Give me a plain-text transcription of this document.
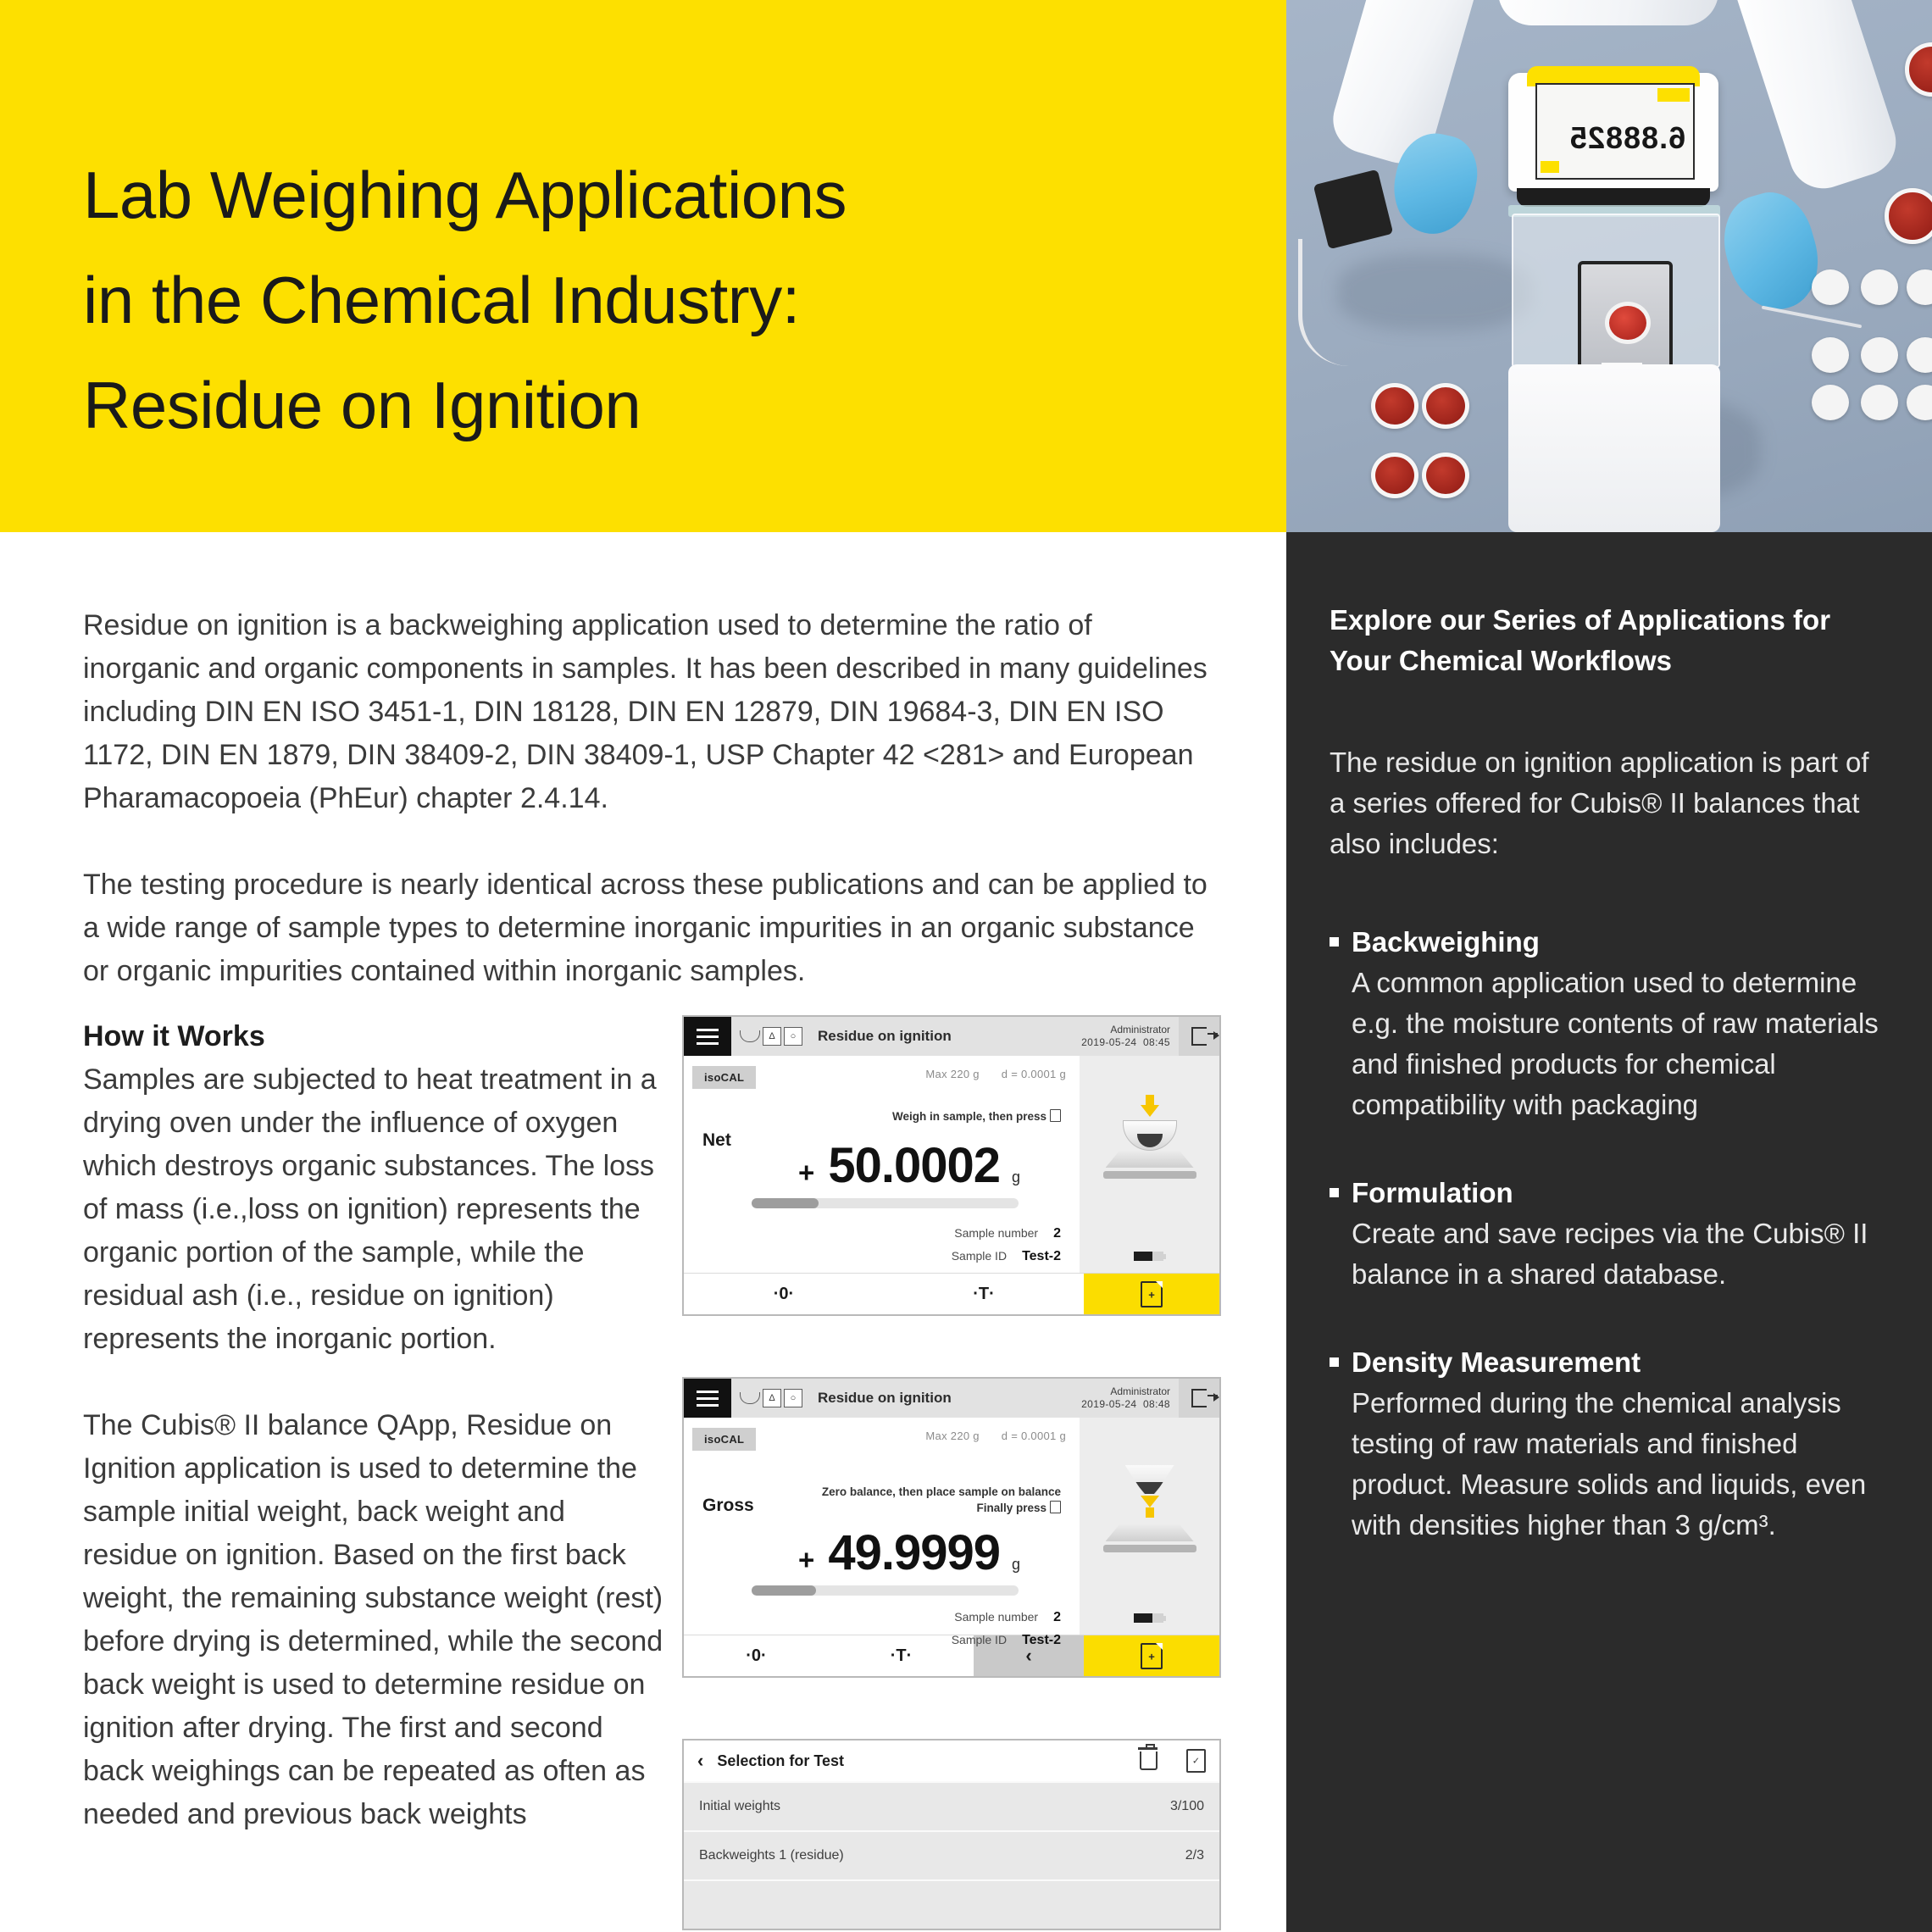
Lab Weighing Applications
in the Chemical Industry:
Residue on Ignition
6.88825
Explore our Series of Applications for Your Chemical Workflows

The residue on ignition application is part of a series offered for Cubis® II balances that also includes:

Backweighing
A common application used to determine e.g. the moisture contents of raw materials and finished products for chemical compatibility with packaging
Formulation
Create and save recipes via the Cubis® II balance in a shared database.
Density Measurement
Performed during the chemical analysis testing of raw materials and finished product. Measure solids and liquids, even with densities higher than 3 g/cm³.

Residue on ignition is a backweighing application used to determine the ratio of inorganic and organic components in samples. It has been described in many guidelines including DIN EN ISO 3451-1, DIN 18128, DIN EN 12879, DIN 19684-3, DIN EN ISO 1172, DIN EN 1879, DIN 38409-2, DIN 38409-1, USP Chapter 42 <281> and European Pharamacopoeia (PhEur) chapter 2.4.14.

The testing procedure is nearly identical across these publications and can be applied to a wide range of sample types to determine inorganic impurities in an organic substance or organic impurities contained within inorganic samples.

How it Works

Samples are subjected to heat treatment in a drying oven under the influence of oxygen which destroys organic substances. The loss of mass (i.e.,loss on ignition) represents the organic portion of the sample, while the residual ash (i.e., residue on ignition) represents the inorganic portion.

The Cubis® II balance QApp, Residue on Ignition application is used to determine the sample initial weight, back weight and residue on ignition. Based on the first back weight, the remaining substance weight (rest) before drying is determined, while the second back weight is used to determine residue on ignition after drying. The first and second back weighings can be repeated as often as needed and previous back weights

Δ	○	Residue on ignition	Administrator
2019-05-24 08:45
isoCAL	Max 220 g d = 0.0001 g
Net
Weigh in sample, then press
+ 50.0002 g
Sample number 2
Sample ID Test-2
·0·	·T·	+
Δ	○	Residue on ignition	Administrator
2019-05-24 08:48
isoCAL	Max 220 g d = 0.0001 g
Gross
Zero balance, then place sample on balance
Finally press
+ 49.9999 g
Sample number 2
Sample ID Test-2
·0·	·T·	‹	+
‹ Selection for Test
✓
Initial weights	3/100
Backweights 1 (residue)	2/3
